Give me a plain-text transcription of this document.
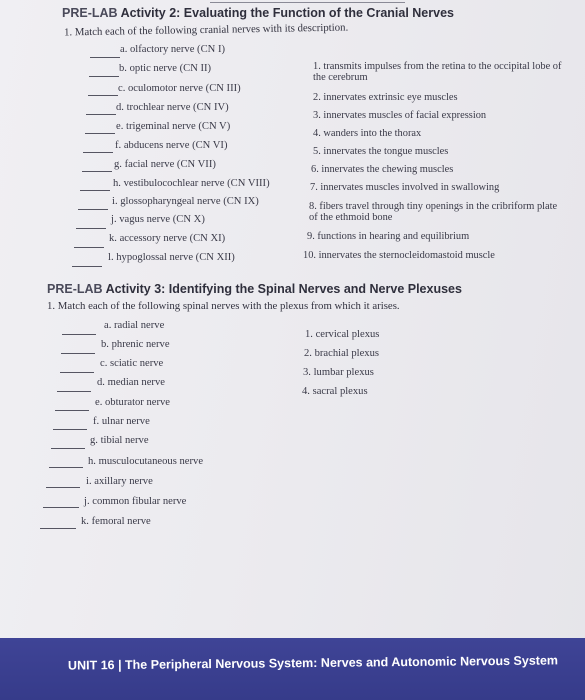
PRE-LAB Activity 2: Evaluating the Function of the Cranial Nerves
1. Match each of the following cranial nerves with its description.
a. olfactory nerve (CN I)
b. optic nerve (CN II)
c. oculomotor nerve (CN III)
d. trochlear nerve (CN IV)
e. trigeminal nerve (CN V)
f. abducens nerve (CN VI)
g. facial nerve (CN VII)
h. vestibulocochlear nerve (CN VIII)
i. glossopharyngeal nerve (CN IX)
j. vagus nerve (CN X)
k. accessory nerve (CN XI)
l. hypoglossal nerve (CN XII)
1. transmits impulses from the retina to the occipital lobe of the cerebrum
2. innervates extrinsic eye muscles
3. innervates muscles of facial expression
4. wanders into the thorax
5. innervates the tongue muscles
6. innervates the chewing muscles
7. innervates muscles involved in swallowing
8. fibers travel through tiny openings in the cribriform plate of the ethmoid bone
9. functions in hearing and equilibrium
10. innervates the sternocleidomastoid muscle
PRE-LAB Activity 3: Identifying the Spinal Nerves and Nerve Plexuses
1. Match each of the following spinal nerves with the plexus from which it arises.
a. radial nerve
b. phrenic nerve
c. sciatic nerve
d. median nerve
e. obturator nerve
f. ulnar nerve
g. tibial nerve
h. musculocutaneous nerve
i. axillary nerve
j. common fibular nerve
k. femoral nerve
1. cervical plexus
2. brachial plexus
3. lumbar plexus
4. sacral plexus
UNIT 16 | The Peripheral Nervous System: Nerves and Autonomic Nervous System
